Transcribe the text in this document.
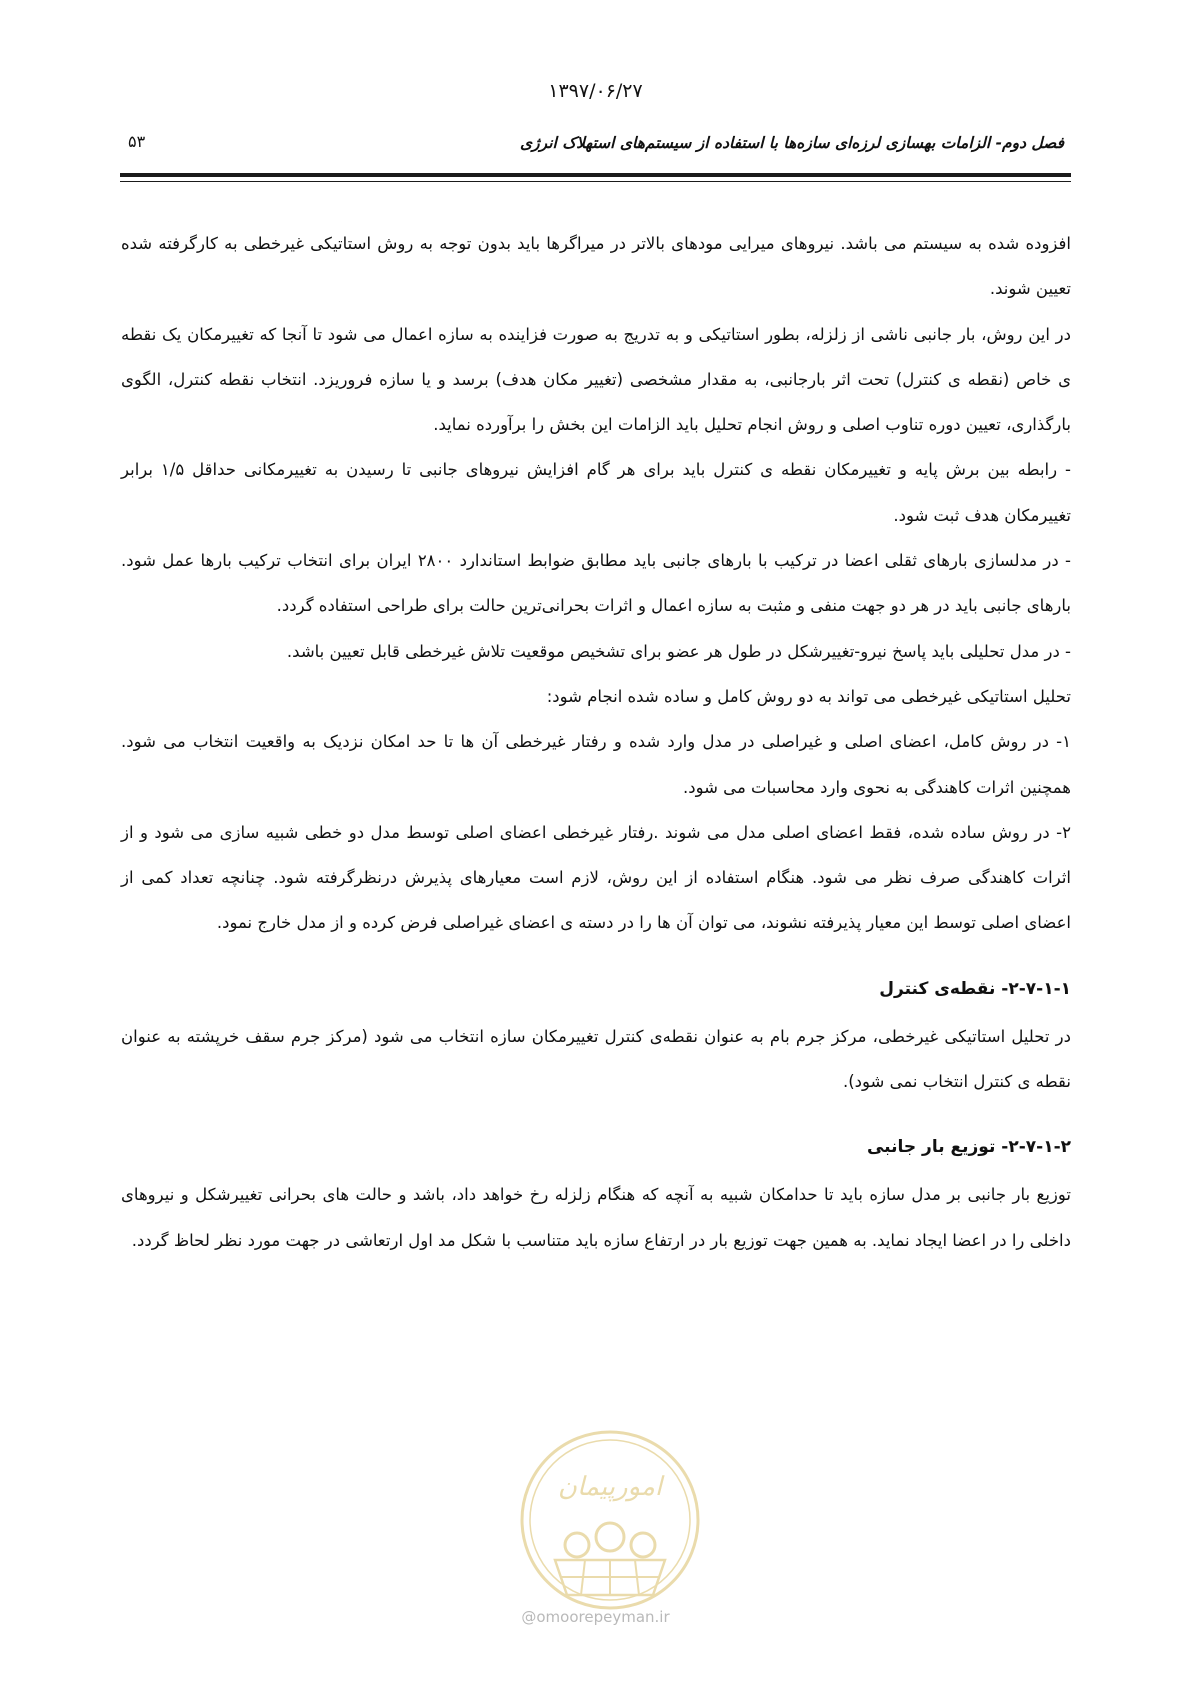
۱۳۹۷/۰۶/۲۷
فصل دوم- الزامات بهسازی لرزه‌ای سازه‌ها با استفاده از سیستم‌های استهلاک انرژی
۵۳

افزوده شده به سیستم می باشد. نیروهای میرایی مودهای بالاتر در میراگرها باید بدون توجه به روش استاتیکی غیرخطی به کارگرفته شده تعیین شوند.

در این روش، بار جانبی ناشی از زلزله، بطور استاتیکی و به تدریج به صورت فزاینده به سازه اعمال می شود تا آنجا که تغییرمکان یک نقطه ی خاص (نقطه ی کنترل) تحت اثر بارجانبی، به مقدار مشخصی (تغییر مکان هدف) برسد و یا سازه فروریزد. انتخاب نقطه کنترل، الگوی بارگذاری، تعیین دوره تناوب اصلی و روش انجام تحلیل باید الزامات این بخش را برآورده نماید.

- رابطه بین برش پایه و تغییرمکان نقطه ی کنترل باید برای هر گام افزایش نیروهای جانبی تا رسیدن به تغییرمکانی حداقل ۱/۵ برابر تغییرمکان هدف ثبت شود.

- در مدلسازی بارهای ثقلی اعضا در ترکیب با بارهای جانبی باید مطابق ضوابط استاندارد ۲۸۰۰ ایران برای انتخاب ترکیب بارها عمل شود. بارهای جانبی باید در هر دو جهت منفی و مثبت به سازه اعمال و اثرات بحرانی‌ترین حالت برای طراحی استفاده گردد.

- در مدل تحلیلی باید پاسخ نیرو-تغییرشکل در طول هر عضو برای تشخیص موقعیت تلاش غیرخطی قابل تعیین باشد.

تحلیل استاتیکی غیرخطی می تواند به دو روش کامل و ساده شده انجام شود:

۱- در روش کامل، اعضای اصلی و غیراصلی در مدل وارد شده و رفتار غیرخطی آن ها تا حد امکان نزدیک به واقعیت انتخاب می شود. همچنین اثرات کاهندگی به نحوی وارد محاسبات می شود.

۲- در روش ساده شده، فقط اعضای اصلی مدل می شوند .رفتار غیرخطی اعضای اصلی توسط مدل دو خطی شبیه سازی می شود و از اثرات کاهندگی صرف نظر می شود. هنگام استفاده از این روش، لازم است معیارهای پذیرش درنظرگرفته شود. چنانچه تعداد کمی از اعضای اصلی توسط این معیار پذیرفته نشوند، می توان آن ها را در دسته ی اعضای غیراصلی فرض کرده و از مدل خارج نمود.

۲-۷-۱-۱- نقطه‌ی کنترل

در تحلیل استاتیکی غیرخطی، مرکز جرم بام به عنوان نقطه‌ی کنترل تغییرمکان سازه انتخاب می شود (مرکز جرم سقف خرپشته به عنوان نقطه ی کنترل انتخاب نمی شود).

۲-۷-۱-۲- توزیع بار جانبی

توزیع بار جانبی بر مدل سازه باید تا حدامکان شبیه به آنچه که هنگام زلزله رخ خواهد داد، باشد و حالت های بحرانی تغییرشکل و نیروهای داخلی را در اعضا ایجاد نماید. به همین جهت توزیع بار در ارتفاع سازه باید متناسب با شکل مد اول ارتعاشی در جهت مورد نظر لحاظ گردد.

امورپیمان
@omoorepeyman.ir
